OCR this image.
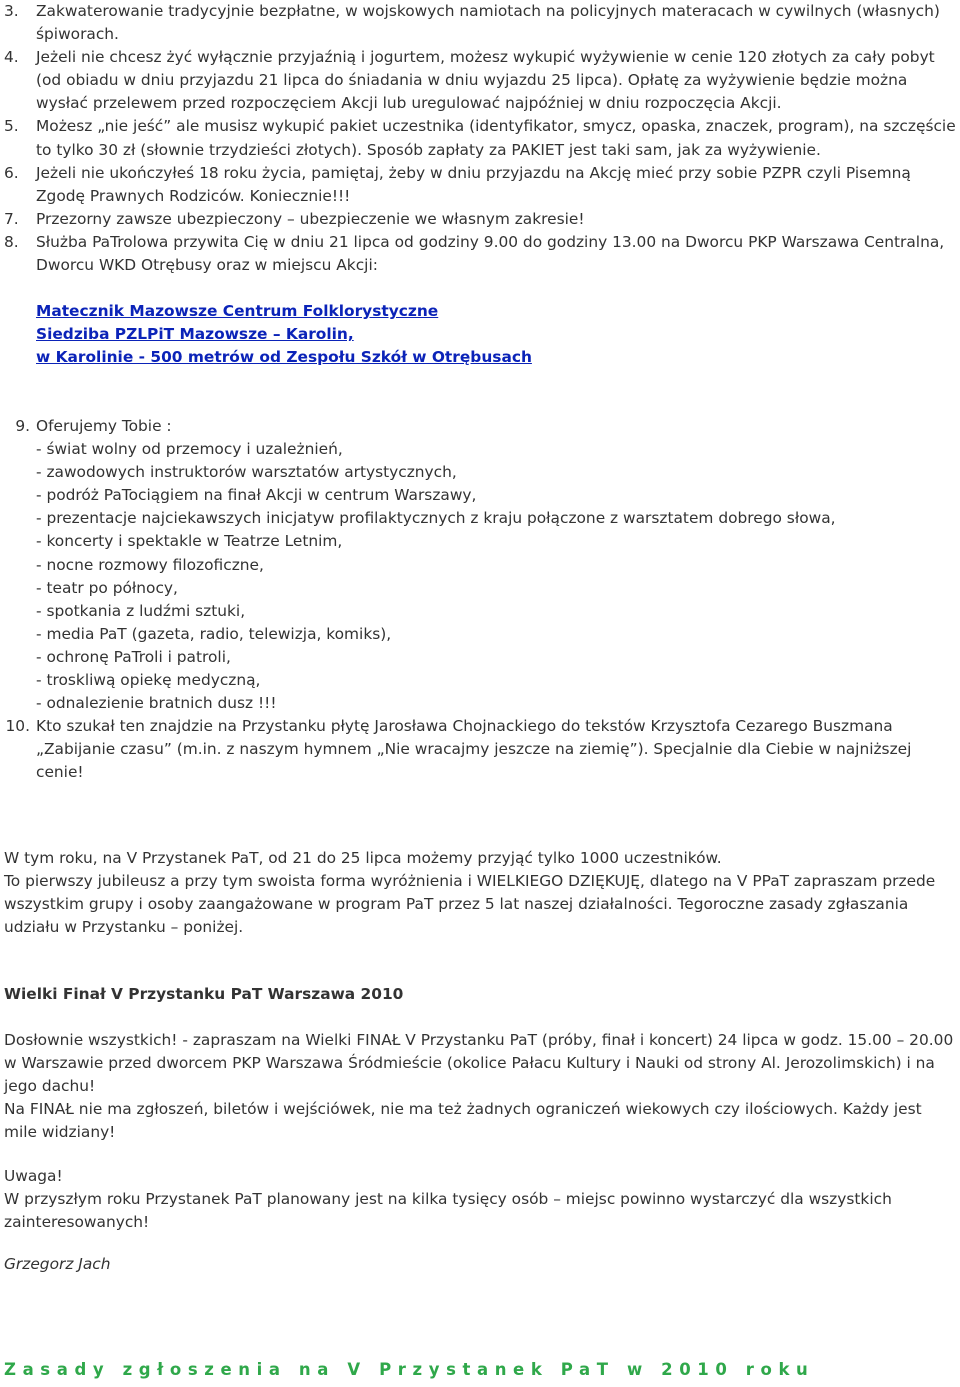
3.	Zakwaterowanie tradycyjnie bezpłatne, w wojskowych namiotach na policyjnych materacach w cywilnych (własnych) śpiworach.
4.	Jeżeli nie chcesz żyć wyłącznie przyjaźnią i jogurtem, możesz wykupić wyżywienie w cenie 120 złotych za cały pobyt (od obiadu w dniu przyjazdu 21 lipca do śniadania w dniu wyjazdu 25 lipca). Opłatę za wyżywienie będzie można wysłać przelewem przed rozpoczęciem Akcji lub uregulować najpóźniej w dniu rozpoczęcia Akcji.
5.	Możesz „nie jeść” ale musisz wykupić pakiet uczestnika (identyfikator, smycz, opaska, znaczek, program), na szczęście to tylko 30 zł (słownie trzydzieści złotych). Sposób zapłaty za PAKIET jest taki sam, jak za wyżywienie.
6.	Jeżeli nie ukończyłeś 18 roku życia, pamiętaj, żeby w dniu przyjazdu na Akcję mieć przy sobie PZPR czyli Pisemną Zgodę Prawnych Rodziców. Koniecznie!!!
7.	Przezorny zawsze ubezpieczony – ubezpieczenie we własnym zakresie!
8.	Służba PaTrolowa przywita Cię w dniu 21 lipca od godziny 9.00 do godziny 13.00 na Dworcu PKP Warszawa Centralna, Dworcu WKD Otrębusy oraz w miejscu Akcji:
Matecznik Mazowsze Centrum Folklorystyczne
Siedziba PZLPiT Mazowsze – Karolin,
w Karolinie - 500 metrów od Zespołu Szkół w Otrębusach
9. Oferujemy Tobie :
- świat wolny od przemocy i uzależnień,
- zawodowych instruktorów warsztatów artystycznych,
- podróż PaTociągiem na finał Akcji w centrum Warszawy,
- prezentacje najciekawszych inicjatyw profilaktycznych z kraju połączone z warsztatem dobrego słowa,
- koncerty i spektakle w Teatrze Letnim,
- nocne rozmowy filozoficzne,
- teatr po północy,
- spotkania z ludźmi sztuki,
- media PaT (gazeta, radio, telewizja, komiks),
- ochronę PaTroli i patroli,
- troskliwą opiekę medyczną,
- odnalezienie bratnich dusz !!!
10. Kto szukał ten znajdzie na Przystanku płytę Jarosława Chojnackiego do tekstów Krzysztofa Cezarego Buszmana „Zabijanie czasu” (m.in. z naszym hymnem „Nie wracajmy jeszcze na ziemię”). Specjalnie dla Ciebie w najniższej cenie!

W tym roku, na V Przystanek PaT, od 21 do 25 lipca możemy przyjąć tylko 1000 uczestników.

To pierwszy jubileusz a przy tym swoista forma wyróżnienia i WIELKIEGO DZIĘKUJĘ, dlatego na V PPaT zapraszam przede wszystkim grupy i osoby zaangażowane w program PaT przez 5 lat naszej działalności. Tegoroczne zasady zgłaszania udziału w Przystanku – poniżej.

Wielki Finał V Przystanku PaT Warszawa 2010

Dosłownie wszystkich! - zapraszam na Wielki FINAŁ V Przystanku PaT (próby, finał i koncert) 24 lipca w godz. 15.00 – 20.00 w Warszawie przed dworcem PKP Warszawa Śródmieście (okolice Pałacu Kultury i Nauki od strony Al. Jerozolimskich) i na jego dachu!

Na FINAŁ nie ma zgłoszeń, biletów i wejściówek, nie ma też żadnych ograniczeń wiekowych czy ilościowych. Każdy jest mile widziany!

Uwaga!

W przyszłym roku Przystanek PaT planowany jest na kilka tysięcy osób – miejsc powinno wystarczyć dla wszystkich zainteresowanych!

Grzegorz Jach
Zasady zgłoszenia na V Przystanek PaT w 2010 roku
